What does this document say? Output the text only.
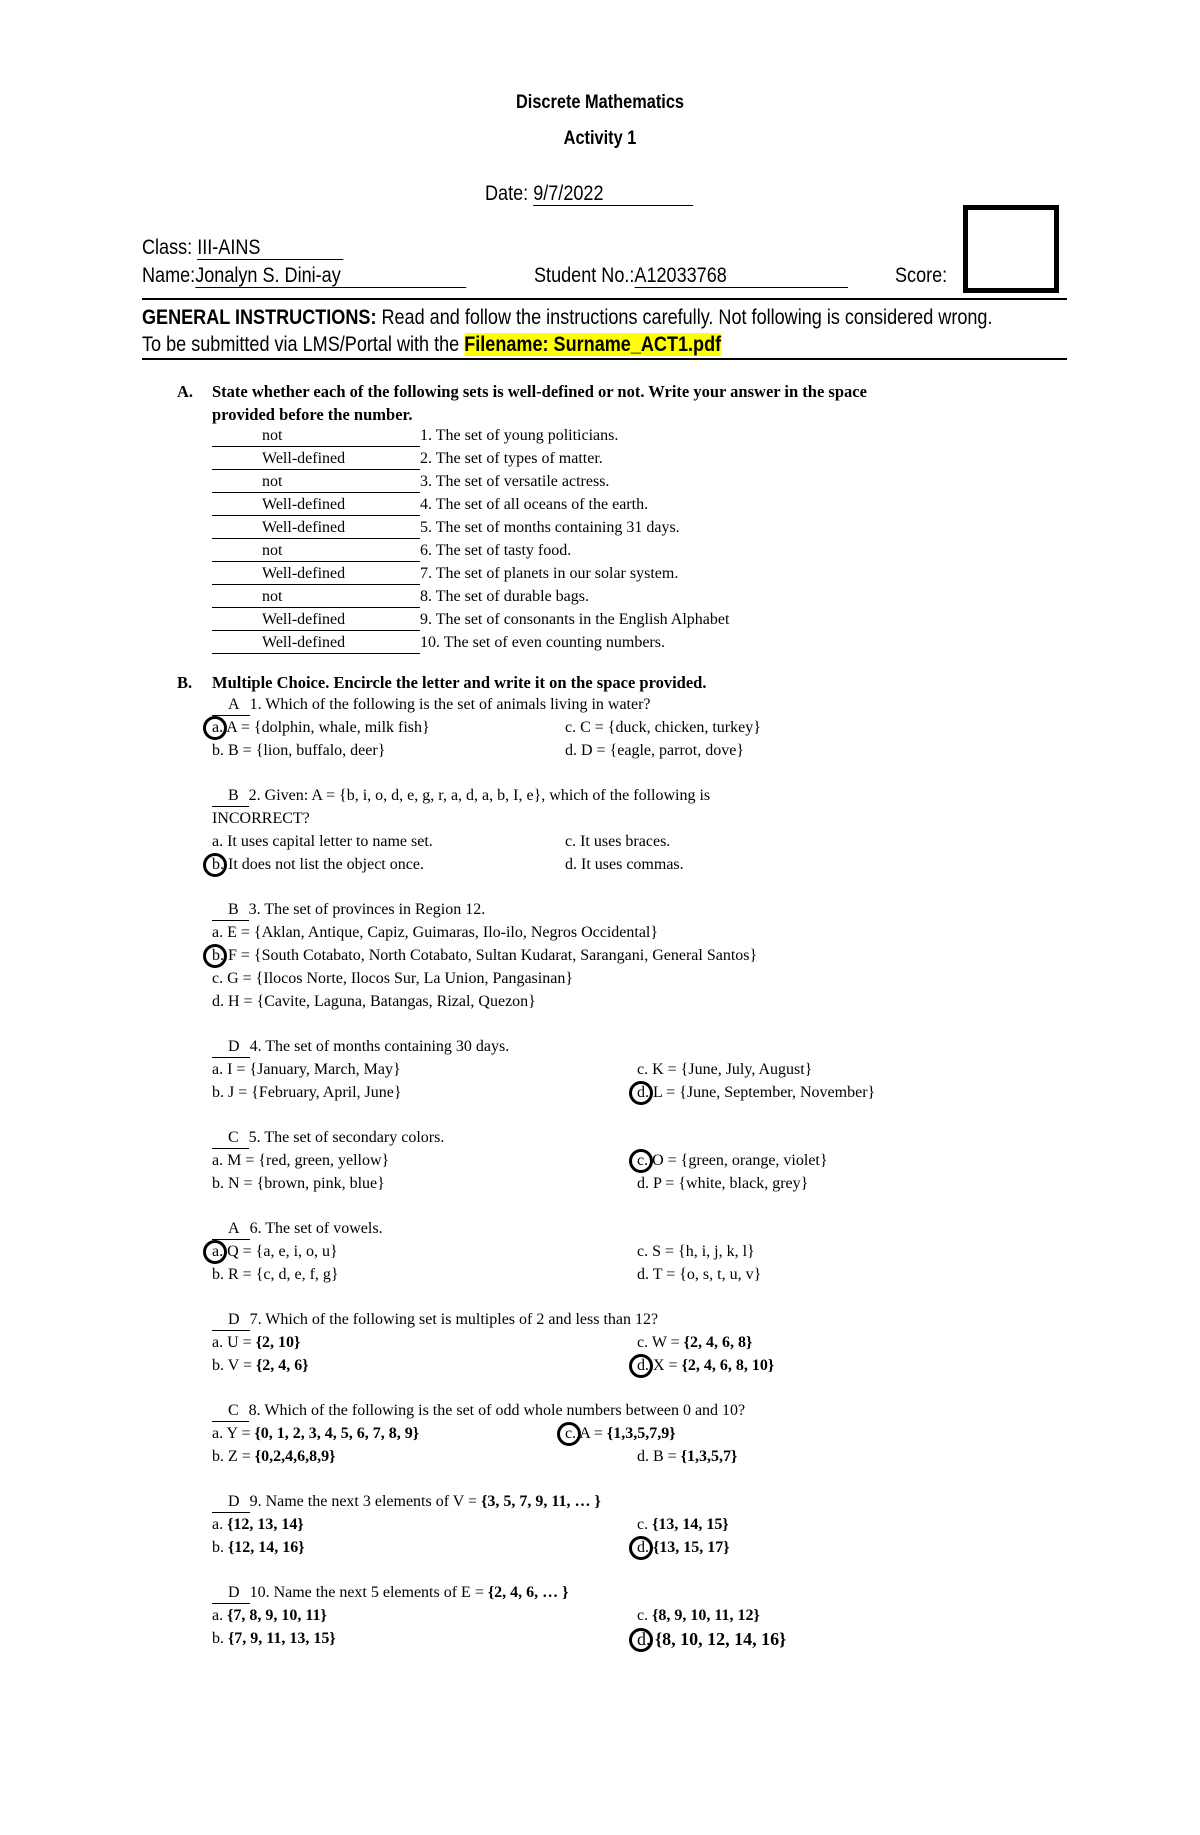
Discrete Mathematics
Activity 1
Date: 9/7/2022
Class: III-AINS
Name:Jonalyn S. Dini-ay	Student No.:A12033768	Score:
GENERAL INSTRUCTIONS: Read and follow the instructions carefully. Not following is considered wrong.
To be submitted via LMS/Portal with the Filename: Surname_ACT1.pdf
A. State whether each of the following sets is well-defined or not. Write your answer in the space
provided before the number.
not	1. The set of young politicians.
Well-defined	2. The set of types of matter.
not	3. The set of versatile actress.
Well-defined	4. The set of all oceans of the earth.
Well-defined	5. The set of months containing 31 days.
not	6. The set of tasty food.
Well-defined	7. The set of planets in our solar system.
not	8. The set of durable bags.
Well-defined	9. The set of consonants in the English Alphabet
Well-defined	10. The set of even counting numbers.
B. Multiple Choice. Encircle the letter and write it on the space provided.
A 1. Which of the following is the set of animals living in water?
a. A = {dolphin, whale, milk fish}	c. C = {duck, chicken, turkey}
b. B = {lion, buffalo, deer}	d. D = {eagle, parrot, dove}
B 2. Given: A = {b, i, o, d, e, g, r, a, d, a, b, I, e}, which of the following is
INCORRECT?
a. It uses capital letter to name set.	c. It uses braces.
b. It does not list the object once.	d. It uses commas.
B 3. The set of provinces in Region 12.
a. E = {Aklan, Antique, Capiz, Guimaras, Ilo-ilo, Negros Occidental}
b. F = {South Cotabato, North Cotabato, Sultan Kudarat, Sarangani, General Santos}
c. G = {Ilocos Norte, Ilocos Sur, La Union, Pangasinan}
d. H = {Cavite, Laguna, Batangas, Rizal, Quezon}
D 4. The set of months containing 30 days.
a. I = {January, March, May}	c. K = {June, July, August}
b. J = {February, April, June}	d. L = {June, September, November}
C 5. The set of secondary colors.
a. M = {red, green, yellow}	c. O = {green, orange, violet}
b. N = {brown, pink, blue}	d. P = {white, black, grey}
A 6. The set of vowels.
a. Q = {a, e, i, o, u}	c. S = {h, i, j, k, l}
b. R = {c, d, e, f, g}	d. T = {o, s, t, u, v}
D 7. Which of the following set is multiples of 2 and less than 12?
a. U = {2, 10}	c. W = {2, 4, 6, 8}
b. V = {2, 4, 6}	d. X = {2, 4, 6, 8, 10}
C 8. Which of the following is the set of odd whole numbers between 0 and 10?
a. Y = {0, 1, 2, 3, 4, 5, 6, 7, 8, 9}	c. A = {1,3,5,7,9}
b. Z = {0,2,4,6,8,9}	d. B = {1,3,5,7}
D 9. Name the next 3 elements of V = {3, 5, 7, 9, 11, … }
a. {12, 13, 14}	c. {13, 14, 15}
b. {12, 14, 16}	d. {13, 15, 17}
D 10. Name the next 5 elements of E = {2, 4, 6, … }
a. {7, 8, 9, 10, 11}	c. {8, 9, 10, 11, 12}
b. {7, 9, 11, 13, 15}	d. {8, 10, 12, 14, 16}
